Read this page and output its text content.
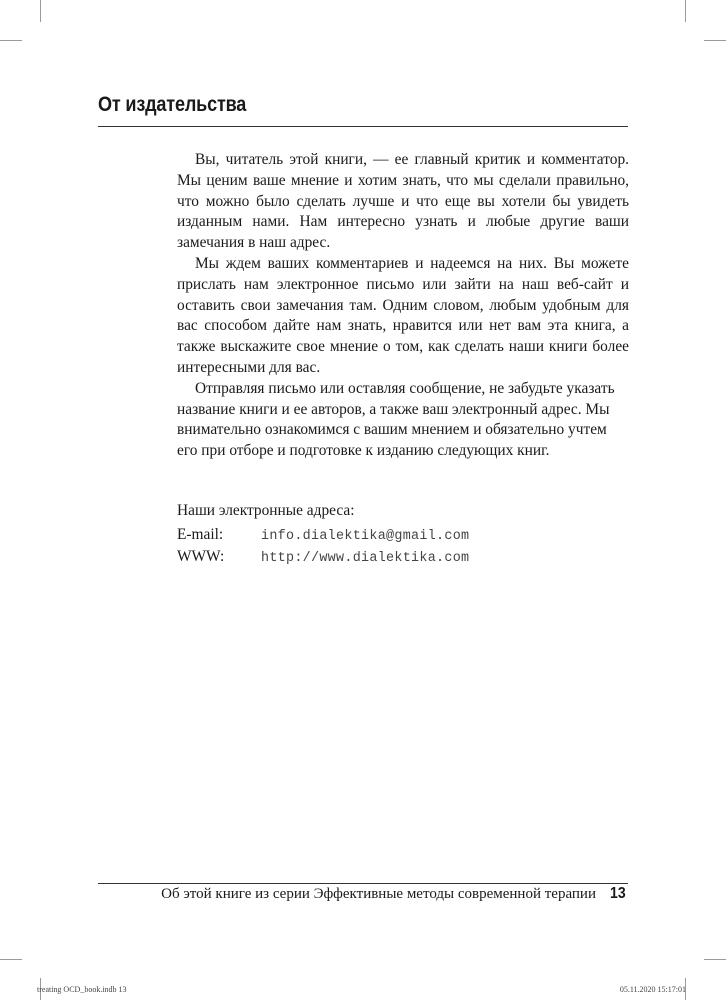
От издательства

Вы, читатель этой книги, — ее главный критик и комментатор. Мы ценим ваше мнение и хотим знать, что мы сделали правильно, что можно было сделать лучше и что еще вы хотели бы увидеть изданным нами. Нам интересно узнать и любые другие ваши замечания в наш адрес.

Мы ждем ваших комментариев и надеемся на них. Вы можете прислать нам электронное письмо или зайти на наш веб-сайт и оставить свои замечания там. Одним словом, любым удобным для вас способом дайте нам знать, нравится или нет вам эта книга, а также выскажите свое мнение о том, как сделать наши книги более интересными для вас.

Отправляя письмо или оставляя сообщение, не забудьте указать название книги и ее авторов, а также ваш электронный адрес. Мы внимательно ознакомимся с вашим мнением и обязательно учтем его при отборе и подготовке к изданию следующих книг.

Наши электронные адреса:
E-mail:	info.dialektika@gmail.com
WWW:	http://www.dialektika.com
Об этой книге из серии Эффективные методы современной терапии 13
treating OCD_book.indb 13	05.11.2020 15:17:01
